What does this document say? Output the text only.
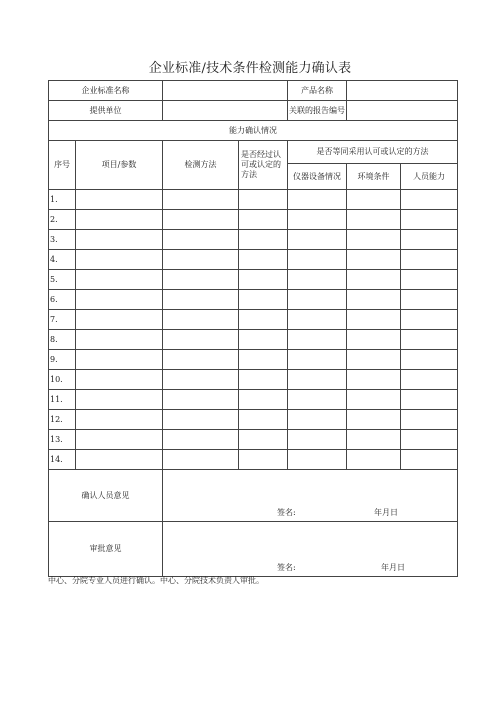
企业标准/技术条件检测能力确认表
企业标准名称				产品名称		
提供单位				关联的报告编号		
能力确认情况						
序号	项目/参数	检测方法	是否经过认可或认定的方法	是否等同采用认可或认定的方法		
				仪器设备情况	环境条件	人员能力
1.						
2.						
3.						
4.						
5.						
6.						
7.						
8.						
9.						
10.						
11.						
12.						
13.						
14.						
确认人员意见		签名: 年月日				

审批意见		签名: 年月日				
中心、分院专业人员进行确认。中心、分院技术负责人审批。
